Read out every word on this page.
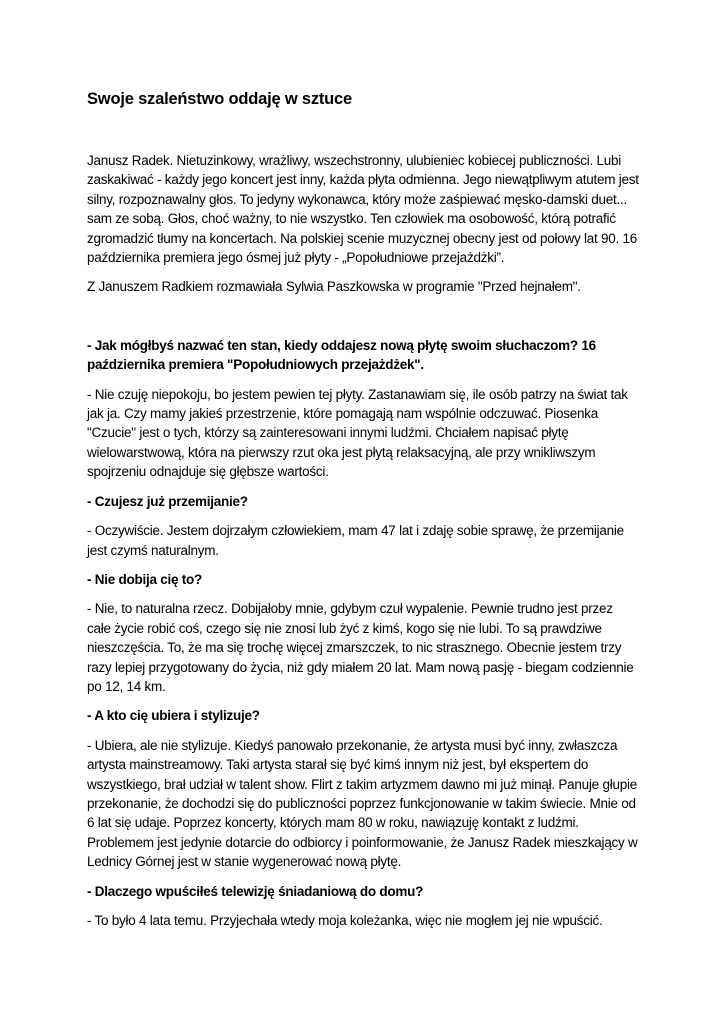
Swoje szaleństwo oddaję w sztuce

Janusz Radek. Nietuzinkowy, wrażliwy, wszechstronny, ulubieniec kobiecej publiczności. Lubi zaskakiwać - każdy jego koncert jest inny, każda płyta odmienna. Jego niewątpliwym atutem jest silny, rozpoznawalny głos. To jedyny wykonawca, który może zaśpiewać męsko-damski duet... sam ze sobą. Głos, choć ważny, to nie wszystko. Ten człowiek ma osobowość, którą potrafić zgromadzić tłumy na koncertach. Na polskiej scenie muzycznej obecny jest od połowy lat 90. 16 października premiera jego ósmej już płyty - „Popołudniowe przejażdżki”.

Z Januszem Radkiem rozmawiała Sylwia Paszkowska w programie "Przed hejnałem".

- Jak mógłbyś nazwać ten stan, kiedy oddajesz nową płytę swoim słuchaczom? 16 października premiera "Popołudniowych przejażdżek".

- Nie czuję niepokoju, bo jestem pewien tej płyty. Zastanawiam się, ile osób patrzy na świat tak jak ja. Czy mamy jakieś przestrzenie, które pomagają nam wspólnie odczuwać. Piosenka "Czucie" jest o tych, którzy są zainteresowani innymi ludźmi. Chciałem napisać płytę wielowarstwową, która na pierwszy rzut oka jest płytą relaksacyjną, ale przy wnikliwszym spojrzeniu odnajduje się głębsze wartości.

- Czujesz już przemijanie?

- Oczywiście. Jestem dojrzałym człowiekiem, mam 47 lat i zdaję sobie sprawę, że przemijanie jest czymś naturalnym.

- Nie dobija cię to?

- Nie, to naturalna rzecz. Dobijałoby mnie, gdybym czuł wypalenie. Pewnie trudno jest przez całe życie robić coś, czego się nie znosi lub żyć z kimś, kogo się nie lubi. To są prawdziwe nieszczęścia. To, że ma się trochę więcej zmarszczek, to nic strasznego. Obecnie jestem trzy razy lepiej przygotowany do życia, niż gdy miałem 20 lat. Mam nową pasję - biegam codziennie po 12, 14 km.

- A kto cię ubiera i stylizuje?

- Ubiera, ale nie stylizuje. Kiedyś panowało przekonanie, że artysta musi być inny, zwłaszcza artysta mainstreamowy. Taki artysta starał się być kimś innym niż jest, był ekspertem do wszystkiego, brał udział w talent show. Flirt z takim artyzmem dawno mi już minął. Panuje głupie przekonanie, że dochodzi się do publiczności poprzez funkcjonowanie w takim świecie. Mnie od 6 lat się udaje. Poprzez koncerty, których mam 80 w roku, nawiązuję kontakt z ludźmi. Problemem jest jedynie dotarcie do odbiorcy i poinformowanie, że Janusz Radek mieszkający w Lednicy Górnej jest w stanie wygenerować nową płytę.

- Dlaczego wpuściłeś telewizję śniadaniową do domu?

- To było 4 lata temu. Przyjechała wtedy moja koleżanka, więc nie mogłem jej nie wpuścić.
